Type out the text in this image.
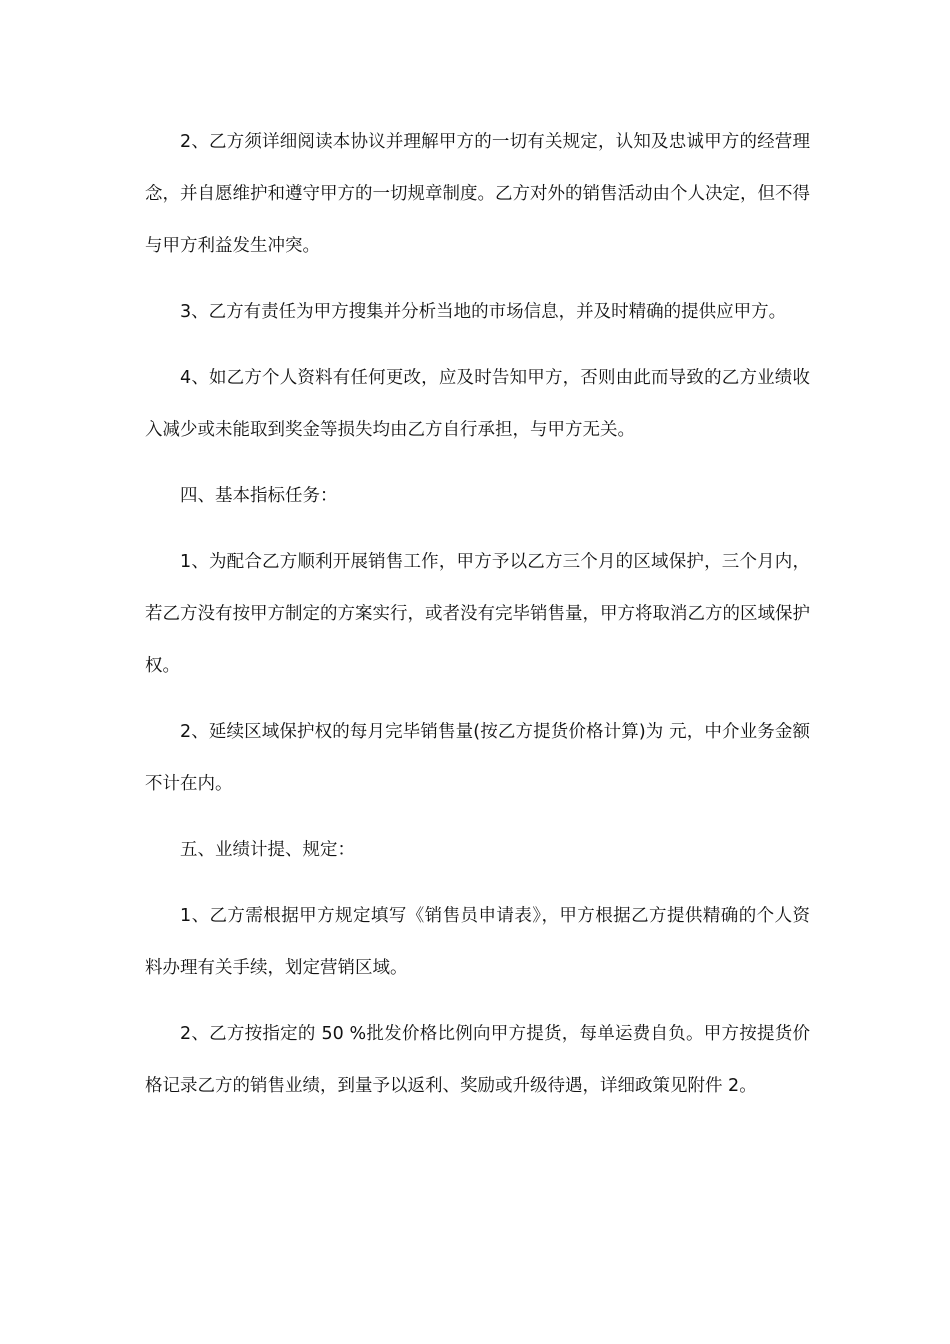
2、乙方须详细阅读本协议并理解甲方的一切有关规定，认知及忠诚甲方的经营理念，并自愿维护和遵守甲方的一切规章制度。乙方对外的销售活动由个人决定，但不得与甲方利益发生冲突。

3、乙方有责任为甲方搜集并分析当地的市场信息，并及时精确的提供应甲方。

4、如乙方个人资料有任何更改，应及时告知甲方，否则由此而导致的乙方业绩收入减少或未能取到奖金等损失均由乙方自行承担，与甲方无关。

四、基本指标任务：

1、为配合乙方顺利开展销售工作，甲方予以乙方三个月的区域保护，三个月内，若乙方没有按甲方制定的方案实行，或者没有完毕销售量，甲方将取消乙方的区域保护权。

2、延续区域保护权的每月完毕销售量(按乙方提货价格计算)为 元，中介业务金额不计在内。

五、业绩计提、规定：

1、乙方需根据甲方规定填写《销售员申请表》，甲方根据乙方提供精确的个人资料办理有关手续，划定营销区域。

2、乙方按指定的 50 %批发价格比例向甲方提货，每单运费自负。甲方按提货价格记录乙方的销售业绩，到量予以返利、奖励或升级待遇，详细政策见附件 2。
